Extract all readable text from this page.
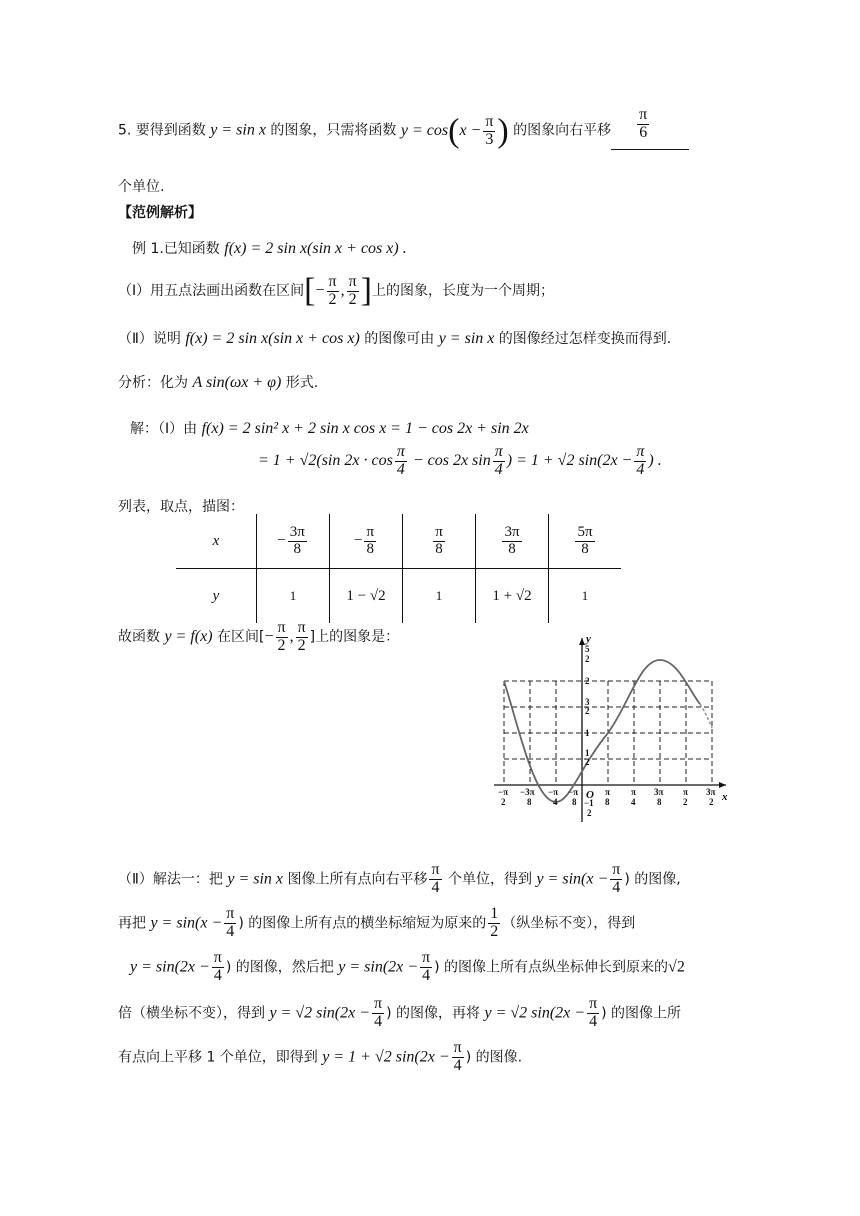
5. 要得到函数 y = sin x 的图象，只需将函数 $y = \cos(x - \frac{\pi}{3}$ ) 的图象向右平移 $\frac{\pi}{6}$
个单位.
【范例解析】
例 1.已知函数 f(x) = 2 sin x(sin x + cos x) .
（Ⅰ）用五点法画出函数在区间[− $\frac{\pi}{2}$ , $\frac{\pi}{2}$ ]上的图象，长度为一个周期；
（Ⅱ）说明 f(x) = 2 sin x(sin x + cos x) 的图像可由 y = sin x 的图像经过怎样变换而得到.
分析：化为 A sin(ωx + φ) 形式.
解：（I）由 f(x) = 2 sin² x + 2 sin x cos x = 1 − cos 2x + sin 2x
= 1 + √2(sin $2x \cdot \cos \frac{\pi}{4} - \cos 2x$ $\sin \frac{\pi}{4}$ ) = 1 + √2 $\sin(2x - \frac{\pi}{4}$ ) .
列表，取点，描图：
x	− $\frac{3\pi}{8}$	− $\frac{\pi}{8}$	$\frac{\pi}{8}$	$\frac{3\pi}{8}$	$\frac{5\pi}{8}$

y	1	1 − √2	1	1 + √2	1
故函数 y = f(x) 在区间[− $\frac{\pi}{2}$ , $\frac{\pi}{2}$ ]上的图象是：	y
x
O
5
2
2
3
2
1
1
2
−1
2
−π
2
−3π
8
−π
4
−π
8
π
8
π
4
3π
8
π
2
3π
2
（Ⅱ）解法一：把 y = sin x 图像上所有点向右平移 $\frac{\pi}{4}$ 个单位，得到 $y = \sin(x - \frac{\pi}{4}$ ) 的图像,
再把 $y = \sin(x - \frac{\pi}{4}$ ) 的图像上所有点的横坐标缩短为原来的 $\frac{1}{2}$ （纵坐标不变），得到
$y = \sin(2x - \frac{\pi}{4}$ ) 的图像，然后把 $y = \sin(2x - \frac{\pi}{4}$ ) 的图像上所有点纵坐标伸长到原来的√2
倍（横坐标不变），得到 y = √2 $\sin(2x - \frac{\pi}{4}$ ) 的图像，再将 y = √2 $\sin(2x - \frac{\pi}{4}$ ) 的图像上所
有点向上平移 1 个单位，即得到 y = 1 + √2 $\sin(2x - \frac{\pi}{4}$ ) 的图像.
